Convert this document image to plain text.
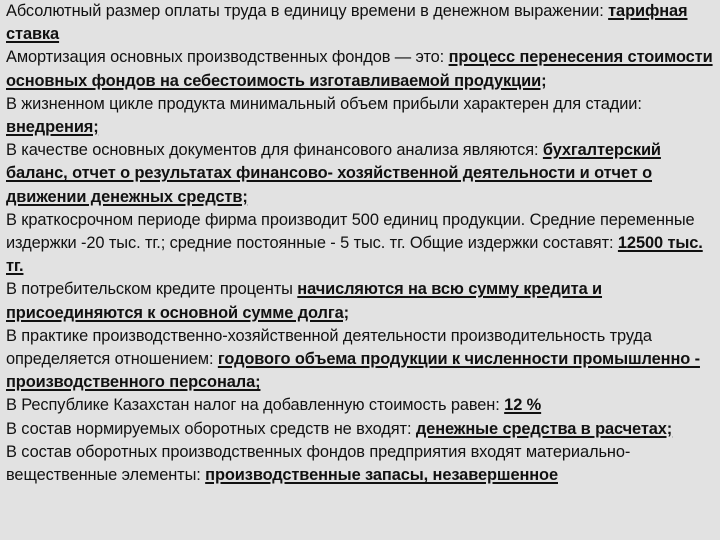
Абсолютный размер оплаты труда в единицу времени в денежном выражении: тарифная ставка

Амортизация основных производственных фондов — это: процесс перенесения стоимости основных фондов на себестоимость изготавливаемой продукции;

В жизненном цикле продукта минимальный объем прибыли характерен для стадии: внедрения;

В качестве основных документов для финансового анализа являются: бухгалтерский баланс, отчет о результатах финансово- хозяйственной деятельности и отчет о движении денежных средств;

В краткосрочном периоде фирма производит 500 единиц продукции. Средние переменные издержки -20 тыс. тг.; средние постоянные - 5 тыс. тг. Общие издержки составят: 12500 тыс. тг.

В потребительском кредите проценты начисляются на всю сумму кредита и присоединяются к основной сумме долга;

В практике производственно-хозяйственной деятельности производительность труда определяется отношением: годового объема продукции к численности промышленно - производственного персонала;

В Республике Казахстан налог на добавленную стоимость равен: 12 %

В состав нормируемых оборотных средств не входят: денежные средства в расчетах;

В состав оборотных производственных фондов предприятия входят материально-вещественные элементы: производственные запасы, незавершенное
